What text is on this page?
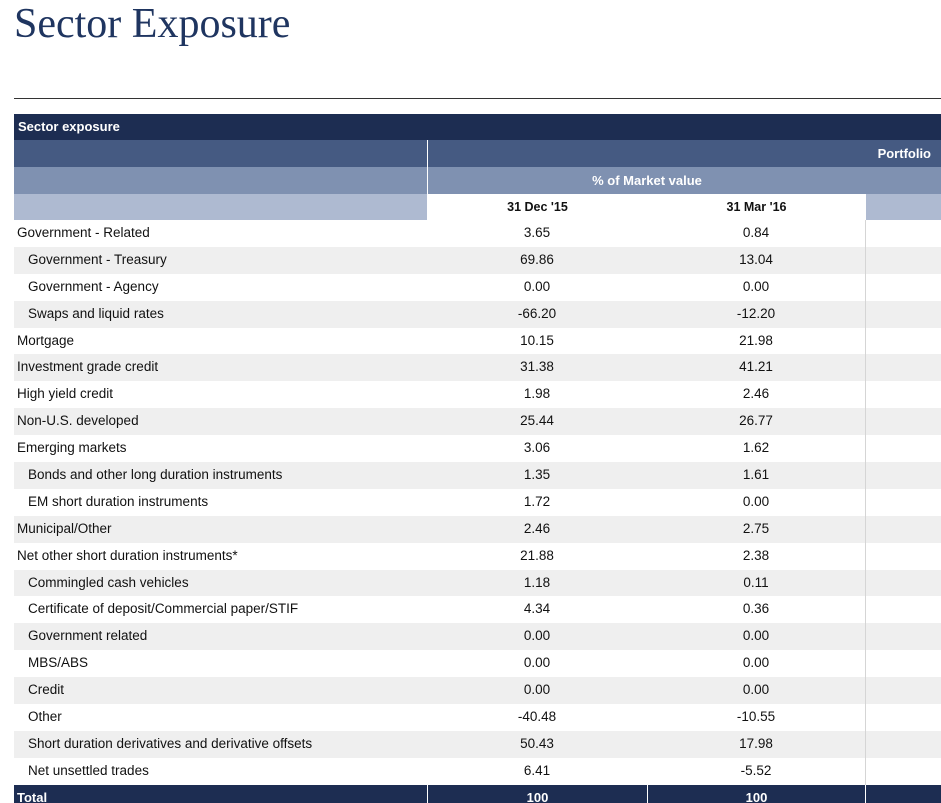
Sector Exposure
Sector exposure
Portfolio
% of Market value
31 Dec '15	31 Mar '16
Government - Related	3.65	0.84
Government - Treasury	69.86	13.04
Government - Agency	0.00	0.00
Swaps and liquid rates	-66.20	-12.20
Mortgage	10.15	21.98
Investment grade credit	31.38	41.21
High yield credit	1.98	2.46
Non-U.S. developed	25.44	26.77
Emerging markets	3.06	1.62
Bonds and other long duration instruments	1.35	1.61
EM short duration instruments	1.72	0.00
Municipal/Other	2.46	2.75
Net other short duration instruments*	21.88	2.38
Commingled cash vehicles	1.18	0.11
Certificate of deposit/Commercial paper/STIF	4.34	0.36
Government related	0.00	0.00
MBS/ABS	0.00	0.00
Credit	0.00	0.00
Other	-40.48	-10.55
Short duration derivatives and derivative offsets	50.43	17.98
Net unsettled trades	6.41	-5.52
Total	100	100
